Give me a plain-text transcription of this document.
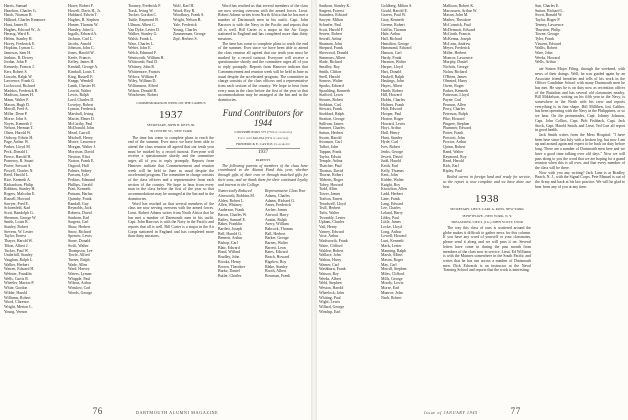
Harris, Samuel
Hazelton, Charles G.
Hatch, Norman R.
Hilliard, Charles Kenmore
Hunt, James B.
Hughes, Edward W., Jr.
Herzog, Ward E.
Helms, Stanley H.
Hovey, Frederick E.
Hopkins, Lyman C.
Jameson, Sam H.
Jenkins, R. Dewey
Jordan, John P.
Kennedy, Francis J.
Kerr, Robert S.
Lincoln, Ralph W.
Lawrence, Frank G.
Lockwood, Richard
Maddox, Frederick B.
Madison, James H.
Mann, Walter F.
Mason, Hugh D.
Merrill, Fred A.
Miller, Dean P.
Morse, John S.
Noyes, Kenneth J.
Nelson, Herman T.
Olsen, Harold W.
Ordway, Edwin H.
Page, Arthur W.
Parker, Lloyd M.
Peck, Donald J.
Pierce, Harold H.
Pomeroy, R. Stuart
Porter, Stewart S.
Powell, Charles N.
Reed, Harold L.
Rice, Kenneth A.
Richardson, Philip
Robbins, Stanley H.
Rogers, Malcolm E.
Russell, Howard
Sawyer, Fred E.
Schoenfeld, Karl
Scott, Randolph G.
Sherman, George W.
Smith, Louis R.
Stanley, Robert
Stevens, W. Lester
Taylor, Ernest
Thayer, Harold W.
Tilton, Albert J.
Tucker, Paul W.
Underhill, Stanley
Vaughan, Ralph L.
Walker, Herbert
Warren, Edward H.
Webster, Franklin
Wells, Curtis R.
Wheeler, Marion P.
White, Gordon
Wilder, Harold
Williams, Robert
Wood, Clarence
Wright, Merton L.
Young, Vernon
Howe, Robert F.
Howell, Davis H., Jr.
Hubbard, Edwin T.
Hughes, R. Stephen
Hunter, Thomas W.
Huntley, John G.
Ingalls, Edward A.
Jackson, Carl L.
Jacobs, Arnold
Johnson, John C.
Jones, Harold W.
Keefe, Francis
Kelley, James H.
Kendall, George A.
Kimball, Louis T.
King, Russell E.
Knapp, Wendell
Lamb, Chester H.
Leavitt, Walter
Lewis, Ralph
Lord, Charles D.
Lovejoy, Robert
Lyman, Frederick
Marshall, Irving
Martin, Elmer D.
McCarthy, Paul
McDonald, John
Mead, Carroll
Mitchell, Henry
Moore, Lawrence
Morgan, Walter J.
Morrison, David
Newton, Eliot
Norton, Frank E.
Osgood, Hall
Palmer, Sidney
Parsons, Lyle
Perkins, Edmund
Phillips, Gerald
Pratt, Kenneth
Putnam, Harlan
Quimby, Frank
Randall, Guy
Reynolds, Jack
Roberts, David
Sanborn, Earl
Sargent, Carl
Shaw, Herbert
Snow, Richard
Spencer, Lewis
Stone, Donald
Swift, Walter
Thompson, Lee
Towle, Alfred
Turner, Ralph
Wade, Allen
Ward, Harvey
Waters, Lyman
Whipple, Paul
Wilson, Arthur
Winslow, Carl
Woods, George
Toomey, Frederick F.
Trask, Irving W.
Tucker, Gordon C.
Tuttle, Raymond B.
Ullman, Albert C.
Van Dyke, Lester D.
Walker, Stanley G.
Walsh, Frank L.
Ware, Charles L.
Weber, John E.
Welch, Edmund F.
Wentworth, William H.
Whitcomb, Paul D.
Whitney, John R.
Whittemore, Francis
Wilcox, William F.
Wiley, William D.
Williamson, Alfred
Wilson, Donald B.
Winchester, Robert
Wolf, Karl H.
Wood, Roy B.
Woodbury, Frank S.
Wright, Nelson B.
Yale, Frederick
Young, Charles
Zimmerman, George
Zipf, Herbert S.
COMMEMORATION WEEK ON THE CAMPUS
1937
SECRETARY, JOHN B. KEYS JR.
39 CENTRE ST., NEW YORK

The time has come to complete plans to reach the end of the summer. Ever since we have been able to attend the class reunion all agreed that our tenth year must be marked by a record turnout. Everyone will receive a questionnaire shortly and the committee urges all of you to reply promptly. Reports from Hanover indicate that Commencement and reunion week will be held in June as usual despite the accelerated program. The committee in charge consists of the class officers and a representative from each section of the country. We hope to hear from every man in the class before the first of the year so that accommodations may be arranged at the Inn and in the dormitories.

Word has reached us that several members of the class are now serving overseas with the armed forces. Lieut. Robert Adams writes from North Africa that he has met a number of Dartmouth men in his outfit. Capt. John Barrows is with the Navy in the Pacific and reports that all is well. Bill Carter is a major in the Air Corps stationed in England and has completed more than thirty missions.

Word has reached us that several members of the class are now serving overseas with the armed forces. Lieut. Robert Adams writes from North Africa that he has met a number of Dartmouth men in his outfit. Capt. John Barrows is with the Navy in the Pacific and reports that all is well. Bill Carter is a major in the Air Corps stationed in England and has completed more than thirty missions.

The time has come to complete plans to reach the end of the summer. Ever since we have been able to attend the class reunion all agreed that our tenth year must be marked by a record turnout. Everyone will receive a questionnaire shortly and the committee urges all of you to reply promptly. Reports from Hanover indicate that Commencement and reunion week will be held in June as usual despite the accelerated program. The committee in charge consists of the class officers and a representative from each section of the country. We hope to hear from every man in the class before the first of the year so that accommodations may be arranged at the Inn and in the dormitories.

Fund Contributors for 1944
CONTRIBUTORS 575 (75% of graduates)
Total given $40,054 (72% of objective)
FREDERICK E. CASTLE, Class Agent
1937
PARENTS

The following parents of members of the class have contributed to the Alumni Fund this year, whether through gifts of their own or through matched gifts for their sons, and we thank them for their continued loyalty and interest in the College.

Numerically Reduced
Ainsworth, Robbins M.
Alden, Robert L.
Allen, Whitney
Anderson, Frank
Bacon, Charles W.
Bailey, Samuel E.
Baker, Franklin
Bartlett, Joseph
Bell, Harold G.
Bennett, Arthur
Bishop, Carl
Blair, Edward
Bond, Willard
Bradley, John
Brooks, Henry
Brown, Theodore
Burke, Daniel
Butler, Charles
Representative Class Year
Adams, Charles
Adams, Richard G.
Ames, Frederick
Archer, James
Atwood, Harry
Austin, Ralph
Avery, William
Babcock, Thomas
Ball, Herbert
Barker, George
Barnes, Walter
Barrett, Leon
Bates, Edward
Beach, Howard
Bigelow, Roy
Blake, Stanley
Booth, Albert
Bowman, Frank
76	DARTMOUTH ALUMNI MAGAZINE
Sanborn, Stanley K.
Sargent, Forrest
Saunders, Edward
Sawyer, Milton
Schaefer, Paul
Scott, Harold F.
Seaver, Robert
Sewall, Arthur
Shannon, John
Shepard, Frank
Sherwood, Donald
Simmons, Albert
Slade, Richard
Smalley, Roy
Smith, Clifton
Snell, Harold
Somers, Walter
Sparks, Edward
Spaulding, Kenneth
Stafford, Lewis
Stearns, Robert
Stebbins, Carl
Stewart, Frank
Stoddard, Ralph
Stratton, George
Sullivan, James
Sumner, Charles
Sutton, Herbert
Swain, Harold
Swanson, Carl
Talbot, John
Tappan, Frank
Taylor, Edwin
Temple, Arthur
Thatcher, Paul
Thomas, David
Thorne, Robert
Tibbetts, Roger
Tobey, Howard
Todd, Allen
Tower, James
Trafton, Ernest
Treadwell, Lloyd
Trull, Herbert
Tufts, Walter
Twombly, Lester
Upham, Charles
Vail, Henry
Varney, Edward
Vose, Arthur
Wadsworth, Frank
Waite, Clifford
Walden, Robert
Wallace, John
Walton, Harry
Warner, Carl
Washburn, Frank
Watson, Roy
Weeks, Albert
Weld, Stephen
Weston, Harold
Wheelock, John
Whiting, Paul
Wight, Lewis
Willard, George
Winship, Earl
Goldberg, Milton S.
Gould, Harold E.
Graves, Paul W.
Gray, Kenneth
Greene, Robert
Griffin, Thomas
Hale, Arthur
Hall, Richard
Hamilton, George
Hammond, Edward
Hanson, Carl
Hardy, Frank
Harmon, Walter
Harper, Lloyd
Hart, Donald
Haskell, Ralph
Hastings, John
Hayes, Albert
Heath, Robert
Hill, Howard
Hobbs, Charles
Holmes, Frank
Holt, Edward
Hooper, Paul
Horton, Roger
Howard, Lewis
Hoyt, Arthur
Hull, Henry
Hunt, Stanley
Hyde, Carl
Ives, Robert
Jenks, George
Jewett, David
Judd, Harold
Keith, Earl
Kelly, Thomas
Kent, John
Kidder, Walter
Knight, Roy
Knowlton, Allen
Ladd, Herbert
Lane, Frank
Lang, Edward
Lee, Charles
Leland, Harry
Libby, Paul
Little, James
Locke, Lloyd
Long, Arthur
Lowell, Howard
Lunt, Kenneth
Mack, Lester
Manning, Ralph
Marsh, Albert
Mason, Roger
May, Carl
Merrill, Stephen
Miles, Clifford
Mills, George
Moody, Lewis
Morse, Earl
Munroe, John
Nash, Robert
Mallison, Robert K.
Marcussen, Arthur W.
Mason, John M.
Mather, Theodore
McCormick, Paul
McDermott, Edward
McGrath, Francis
McKenna, Joseph
McLean, Andrew
Meyer, Frederick
Miller, Herbert
Monroe, Lawrence
Murphy, Daniel
Nichols, George
Nolan, Richard
O'Brien, James
Olmsted, Harry
Owen, Roger
Parker, Kenneth
Patterson, Lloyd
Payne, Carl
Pearson, Allen
Perry, Charles
Peterson, Ralph
Pike, Howard
Pingree, Stephen
Plummer, Edward
Potter, Frank
Prescott, John
Proctor, Arthur
Quinn, Robert
Rand, Walter
Raymond, Roy
Read, Harold
Rich, Earl
Ripley, Paul

Boiled carrot in foreign land and ready for service, so the report is now complete and we have done our best.

1938
SECRETARY, LIEUT. CARL A. ROSS, NEW YORK
38 FIFTH AVE., NEW YORK, N. Y.
TREASURER, LIEUT. (J.G.) JOHN SCOTT, USNR

The way this class of ours is scattered around the globe makes it difficult to gather news for this column. If you have any word of yourself or your classmates, please send it along and we will pass it on. Several letters have come in during the past month from members of the class now in service. Lieut. Ed Williams is with the Marines somewhere in the South Pacific and writes that he has run across a number of Dartmouth men. Dick Edwards is an instructor at the Naval Training School and reports that the work is interesting.

Sun, Charles E.
Sutton, Richard L.
Swett, Ronald W.
Taylor, Roger P.
Tenney, Lawrence
Thurston, Philip
Towne, George
Tyler, Frank
Vincent, Edward
Wallis, Robert
Ware, John
Weeks, Howard
Wells, Arthur

ate Simon Major Filing, through the weekend, with news of their doings. Well, he was guided again by an Associate friend hereafter and tells of his work in the Officer Candidate School with many Dartmouth men he has met. He says he is on duty now as recreation officer of the Battalion and has several old classmates nearby. Bill Mikkelson, writing on his fifth year in the Navy, is somewhere in the North with his crew and reports everything is in fine shape. Bill Milliken, lost Caliber, has been operating with the Navy in the Philippines, or so we hear. On the promenades, Capt. Johnny Johnson, Capt. John Collins, Capt. Bob Fishback, Capt. Jack Stock, Capt. Harold Smith, and Lieut. Ted Carr all report in good health.

Jack Smith writes from the Mess Hospital: "I have been here since last July with a broken leg, but now I am up and around again and expect to be back on duty before long. There are a number of Dartmouth men here and we have a good time talking over old days." Now we will pass along to you the word that we are hoping for a grand reunion when this is all over, and that every member of the class will be there.

Now with you any writing? Jack Lane is at Bradley Beach, N. J., with the Signal Corps. Pete Manuel is out of the Army and back at his law practice. We will be glad to hear from any of you at any time.

Issue of JANUARY 1945	77
